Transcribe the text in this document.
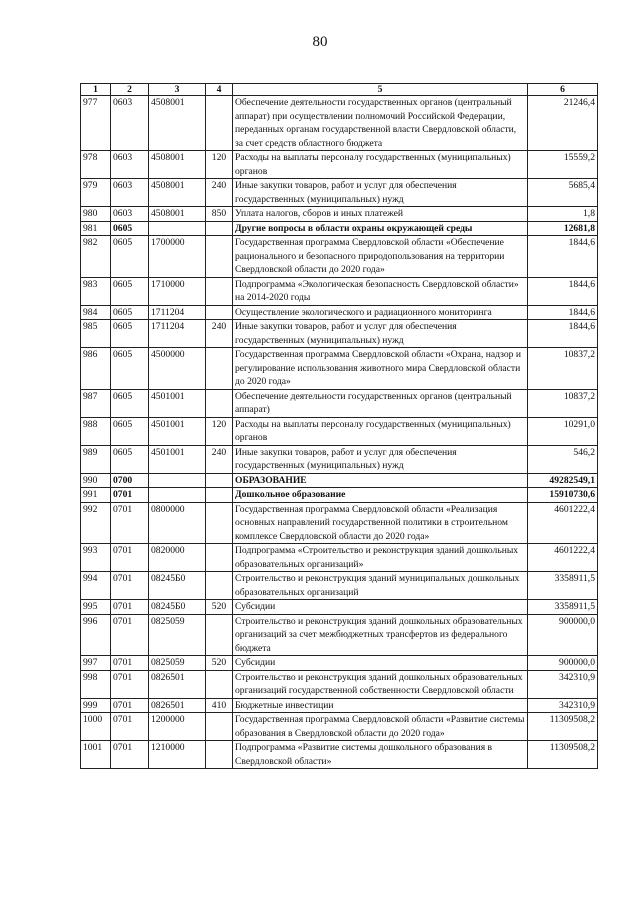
80
1	2	3	4	5	6
977	0603	4508001		Обеспечение деятельности государственных органов (центральный аппарат) при осуществлении полномочий Российской Федерации, переданных органам государственной власти Свердловской области, за счет средств областного бюджета	21246,4
978	0603	4508001	120	Расходы на выплаты персоналу государственных (муниципальных) органов	15559,2
979	0603	4508001	240	Иные закупки товаров, работ и услуг для обеспечения государственных (муниципальных) нужд	5685,4
980	0603	4508001	850	Уплата налогов, сборов и иных платежей	1,8
981	0605			Другие вопросы в области охраны окружающей среды	12681,8
982	0605	1700000		Государственная программа Свердловской области «Обеспечение рационального и безопасного природопользования на территории Свердловской области до 2020 года»	1844,6
983	0605	1710000		Подпрограмма «Экологическая безопасность Свердловской области» на 2014-2020 годы	1844,6
984	0605	1711204		Осуществление экологического и радиационного мониторинга	1844,6
985	0605	1711204	240	Иные закупки товаров, работ и услуг для обеспечения государственных (муниципальных) нужд	1844,6
986	0605	4500000		Государственная программа Свердловской области «Охрана, надзор и регулирование использования животного мира Свердловской области до 2020 года»	10837,2
987	0605	4501001		Обеспечение деятельности государственных органов (центральный аппарат)	10837,2
988	0605	4501001	120	Расходы на выплаты персоналу государственных (муниципальных) органов	10291,0
989	0605	4501001	240	Иные закупки товаров, работ и услуг для обеспечения государственных (муниципальных) нужд	546,2
990	0700			ОБРАЗОВАНИЕ	49282549,1
991	0701			Дошкольное образование	15910730,6
992	0701	0800000		Государственная программа Свердловской области «Реализация основных направлений государственной политики в строительном комплексе Свердловской области до 2020 года»	4601222,4
993	0701	0820000		Подпрограмма «Строительство и реконструкция зданий дошкольных образовательных организаций»	4601222,4
994	0701	08245Б0		Строительство и реконструкция зданий муниципальных дошкольных образовательных организаций	3358911,5
995	0701	08245Б0	520	Субсидии	3358911,5
996	0701	0825059		Строительство и реконструкция зданий дошкольных образовательных организаций за счет межбюджетных трансфертов из федерального бюджета	900000,0
997	0701	0825059	520	Субсидии	900000,0
998	0701	0826501		Строительство и реконструкция зданий дошкольных образовательных организаций государственной собственности Свердловской области	342310,9
999	0701	0826501	410	Бюджетные инвестиции	342310,9
1000	0701	1200000		Государственная программа Свердловской области «Развитие системы образования в Свердловской области до 2020 года»	11309508,2
1001	0701	1210000		Подпрограмма «Развитие системы дошкольного образования в Свердловской области»	11309508,2
